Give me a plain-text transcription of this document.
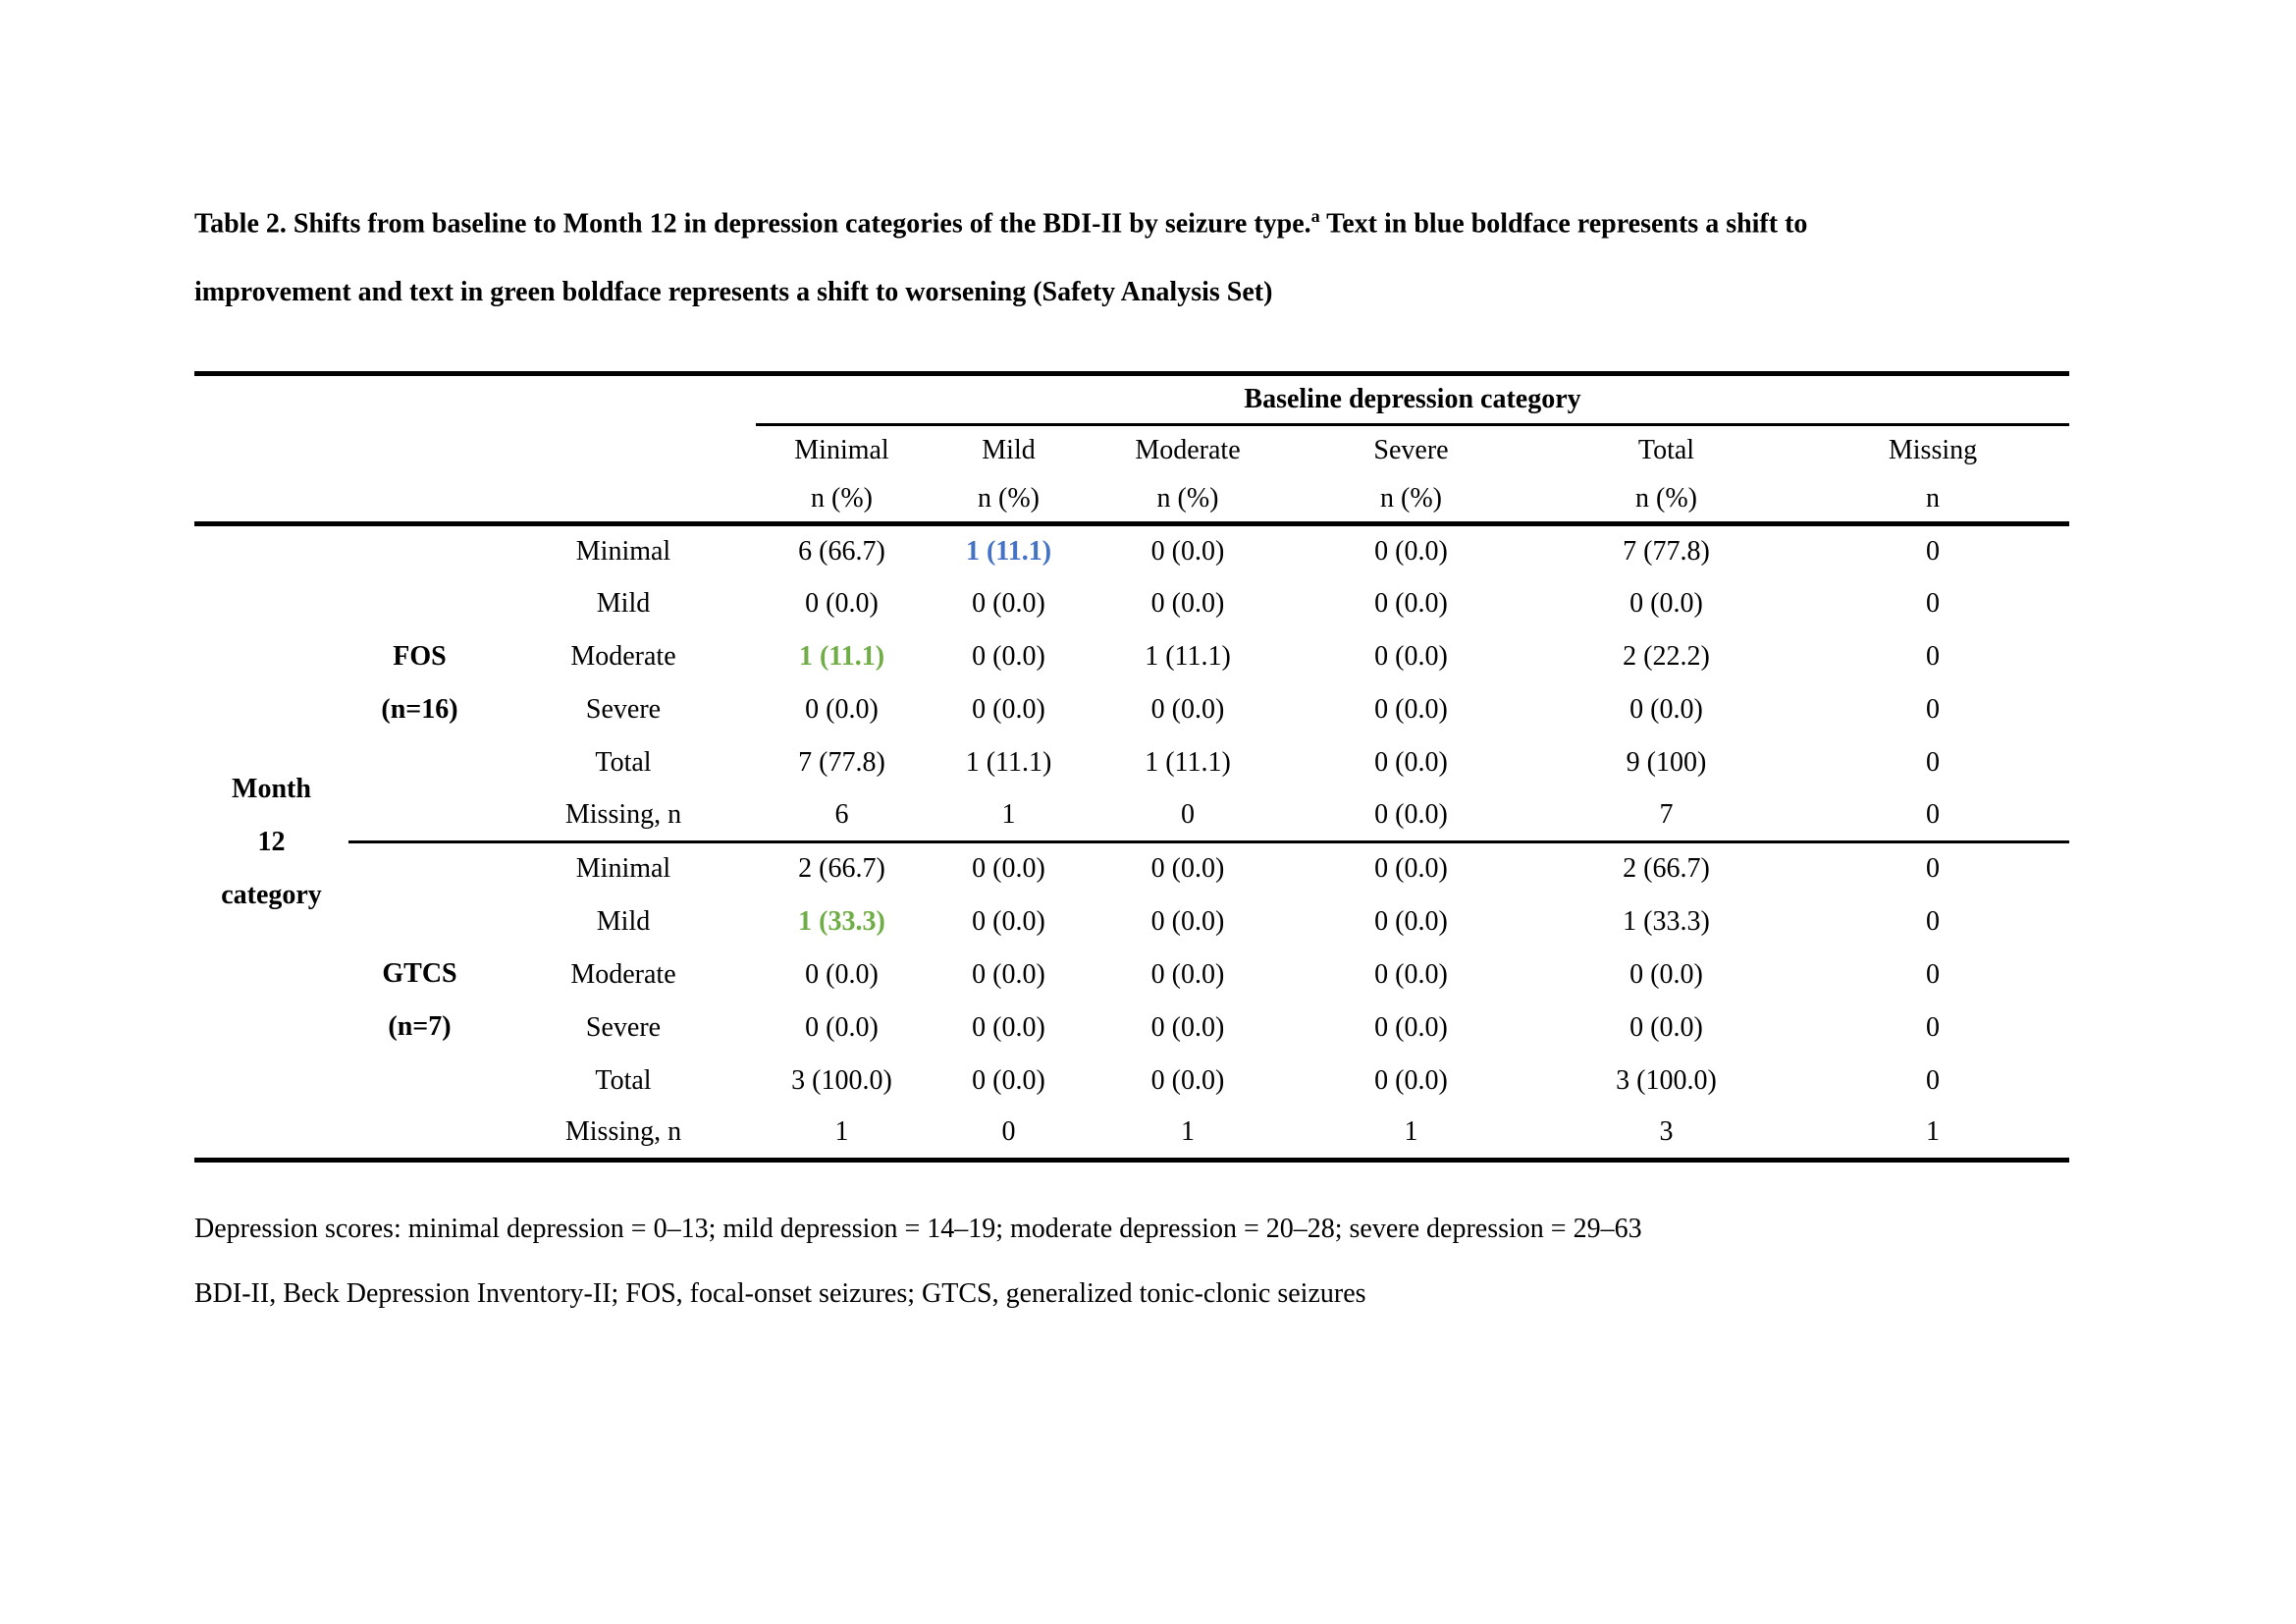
Table 2. Shifts from baseline to Month 12 in depression categories of the BDI-II by seizure type.$^a$ Text in blue boldface represents a shift to
improvement and text in green boldface represents a shift to worsening (Safety Analysis Set)
			Baseline depression category					
			Minimal	Mild	Moderate	Severe	Total	Missing
			n (%)	n (%)	n (%)	n (%)	n (%)	n

Month 12 category	FOS
(n=16)	Minimal	6 (66.7)	1 (11.1)	0 (0.0)	0 (0.0)	7 (77.8)	0
		Mild	0 (0.0)	0 (0.0)	0 (0.0)	0 (0.0)	0 (0.0)	0
		Moderate	1 (11.1)	0 (0.0)	1 (11.1)	0 (0.0)	2 (22.2)	0
		Severe	0 (0.0)	0 (0.0)	0 (0.0)	0 (0.0)	0 (0.0)	0
		Total	7 (77.8)	1 (11.1)	1 (11.1)	0 (0.0)	9 (100)	0
		Missing, n	6	1	0	0 (0.0)	7	0

	GTCS
(n=7)	Minimal	2 (66.7)	0 (0.0)	0 (0.0)	0 (0.0)	2 (66.7)	0
		Mild	1 (33.3)	0 (0.0)	0 (0.0)	0 (0.0)	1 (33.3)	0
		Moderate	0 (0.0)	0 (0.0)	0 (0.0)	0 (0.0)	0 (0.0)	0
		Severe	0 (0.0)	0 (0.0)	0 (0.0)	0 (0.0)	0 (0.0)	0
		Total	3 (100.0)	0 (0.0)	0 (0.0)	0 (0.0)	3 (100.0)	0
		Missing, n	1	0	1	1	3	1
Depression scores: minimal depression = 0–13; mild depression = 14–19; moderate depression = 20–28; severe depression = 29–63
BDI-II, Beck Depression Inventory-II; FOS, focal-onset seizures; GTCS, generalized tonic-clonic seizures
